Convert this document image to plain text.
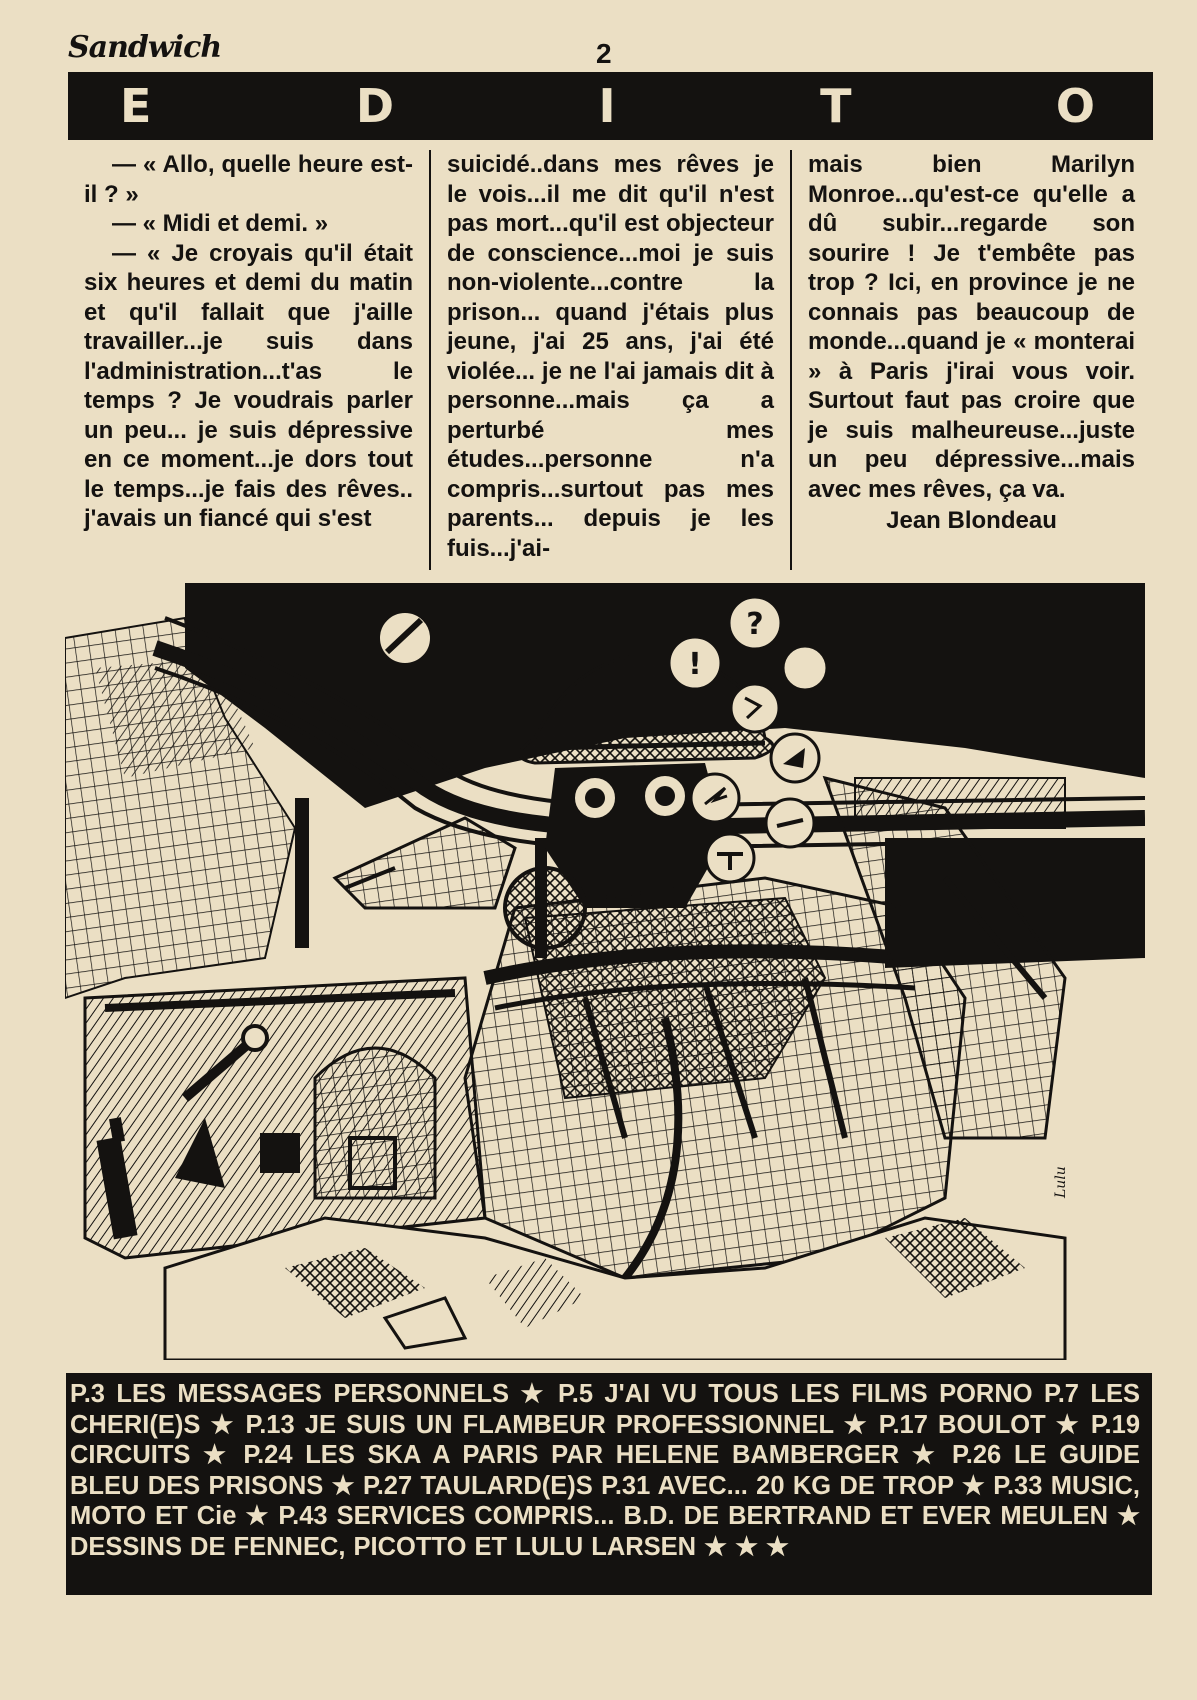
Sandwich	2
E	D	I	T	O

— « Allo, quelle heure est-il ? »

— « Midi et demi. »

— « Je croyais qu'il était six heures et demi du matin et qu'il fallait que j'aille travailler...je suis dans l'administration...t'as le temps ? Je voudrais parler un peu... je suis dépressive en ce moment...je dors tout le temps...je fais des rêves.. j'avais un fiancé qui s'est

suicidé..dans mes rêves je le vois...il me dit qu'il n'est pas mort...qu'il est objecteur de conscience...moi je suis non-violente...contre la prison... quand j'étais plus jeune, j'ai 25 ans, j'ai été violée... je ne l'ai jamais dit à personne...mais ça a perturbé mes études...personne n'a compris...surtout pas mes parents... depuis je les fuis...j'ai-

mais bien Marilyn Monroe...qu'est-ce qu'elle a dû subir...regarde son sourire ! Je t'embête pas trop ? Ici, en province je ne connais pas beaucoup de monde...quand je « monterai » à Paris j'irai vous voir. Surtout faut pas croire que je suis malheureuse...juste un peu dépressive...mais avec mes rêves, ça va.

Jean Blondeau

?
!
Lulu

P.3 LES MESSAGES PERSONNELS ★ P.5 J'AI VU TOUS LES FILMS PORNO P.7 LES CHERI(E)S ★ P.13 JE SUIS UN FLAMBEUR PROFESSIONNEL ★ P.17 BOULOT ★ P.19 CIRCUITS ★ P.24 LES SKA A PARIS PAR HELENE BAMBERGER ★ P.26 LE GUIDE BLEU DES PRISONS ★ P.27 TAULARD(E)S P.31 AVEC... 20 KG DE TROP ★ P.33 MUSIC, MOTO ET Cie ★ P.43 SERVICES COMPRIS... B.D. DE BERTRAND ET EVER MEULEN ★ DESSINS DE FENNEC, PICOTTO ET LULU LARSEN ★ ★ ★
